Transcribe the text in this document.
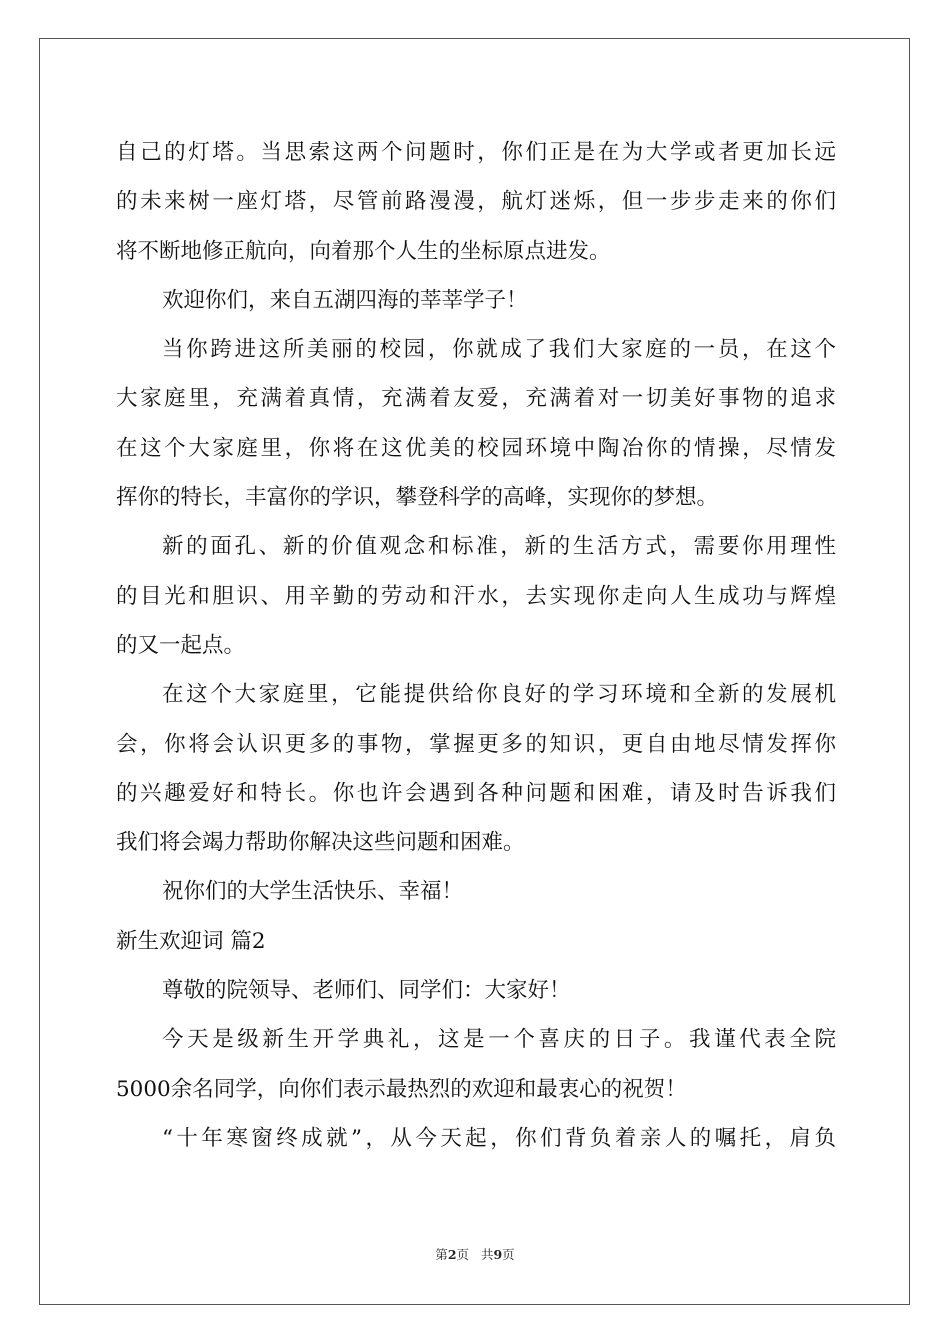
自己的灯塔。当思索这两个问题时，你们正是在为大学或者更加长远
的未来树一座灯塔，尽管前路漫漫，航灯迷烁，但一步步走来的你们
将不断地修正航向，向着那个人生的坐标原点进发。
欢迎你们，来自五湖四海的莘莘学子！
当你跨进这所美丽的校园，你就成了我们大家庭的一员，在这个
大家庭里，充满着真情，充满着友爱，充满着对一切美好事物的追求
在这个大家庭里，你将在这优美的校园环境中陶冶你的情操，尽情发
挥你的特长，丰富你的学识，攀登科学的高峰，实现你的梦想。
新的面孔、新的价值观念和标准，新的生活方式，需要你用理性
的目光和胆识、用辛勤的劳动和汗水，去实现你走向人生成功与辉煌
的又一起点。
在这个大家庭里，它能提供给你良好的学习环境和全新的发展机
会，你将会认识更多的事物，掌握更多的知识，更自由地尽情发挥你
的兴趣爱好和特长。你也许会遇到各种问题和困难，请及时告诉我们
我们将会竭力帮助你解决这些问题和困难。
祝你们的大学生活快乐、幸福！
新生欢迎词 篇2
尊敬的院领导、老师们、同学们：大家好！
今天是级新生开学典礼，这是一个喜庆的日子。我谨代表全院
5000余名同学，向你们表示最热烈的欢迎和最衷心的祝贺！
“十年寒窗终成就”，从今天起，你们背负着亲人的嘱托，肩负
第2页 共9页
